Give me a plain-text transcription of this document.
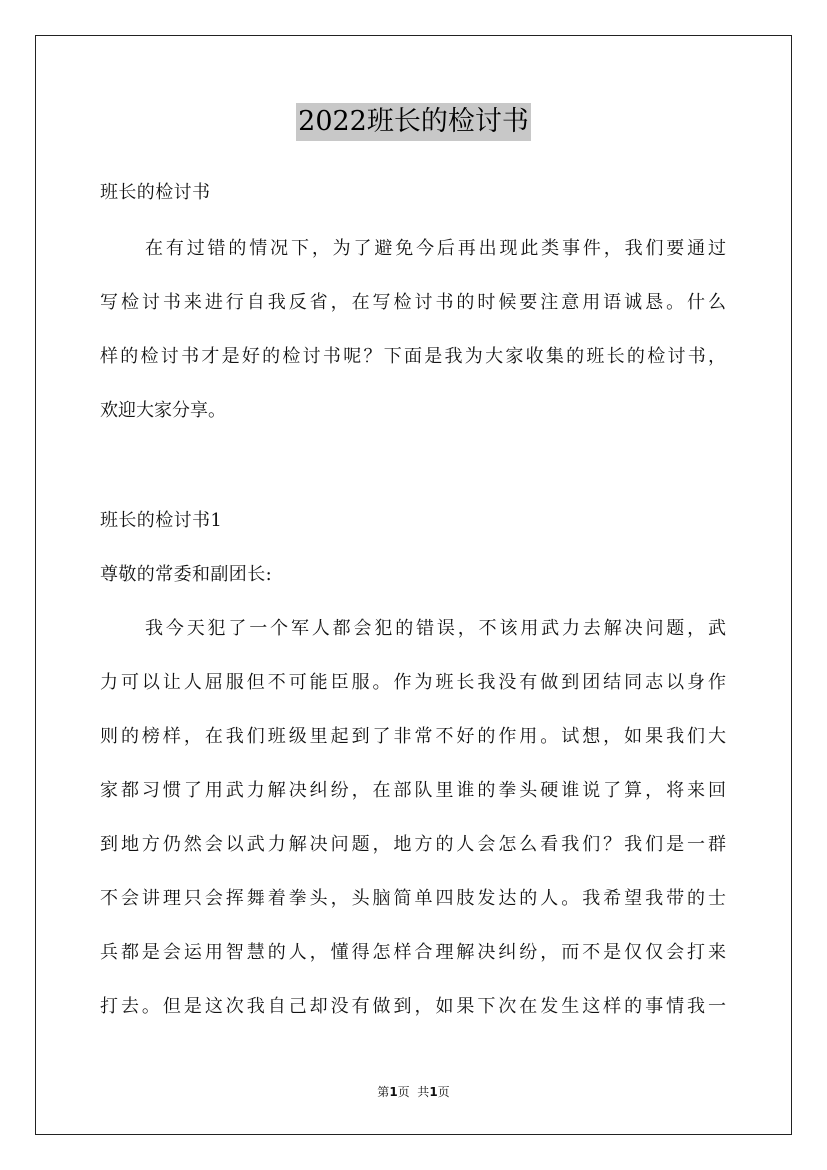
2022班长的检讨书
班长的检讨书
在有过错的情况下，为了避免今后再出现此类事件，我们要通过
写检讨书来进行自我反省，在写检讨书的时候要注意用语诚恳。什么
样的检讨书才是好的检讨书呢？下面是我为大家收集的班长的检讨书，
欢迎大家分享。
班长的检讨书1
尊敬的常委和副团长:
我今天犯了一个军人都会犯的错误，不该用武力去解决问题，武
力可以让人屈服但不可能臣服。作为班长我没有做到团结同志以身作
则的榜样，在我们班级里起到了非常不好的作用。试想，如果我们大
家都习惯了用武力解决纠纷，在部队里谁的拳头硬谁说了算，将来回
到地方仍然会以武力解决问题，地方的人会怎么看我们？我们是一群
不会讲理只会挥舞着拳头，头脑简单四肢发达的人。我希望我带的士
兵都是会运用智慧的人，懂得怎样合理解决纠纷，而不是仅仅会打来
打去。但是这次我自己却没有做到，如果下次在发生这样的事情我一
第1页  共1页
